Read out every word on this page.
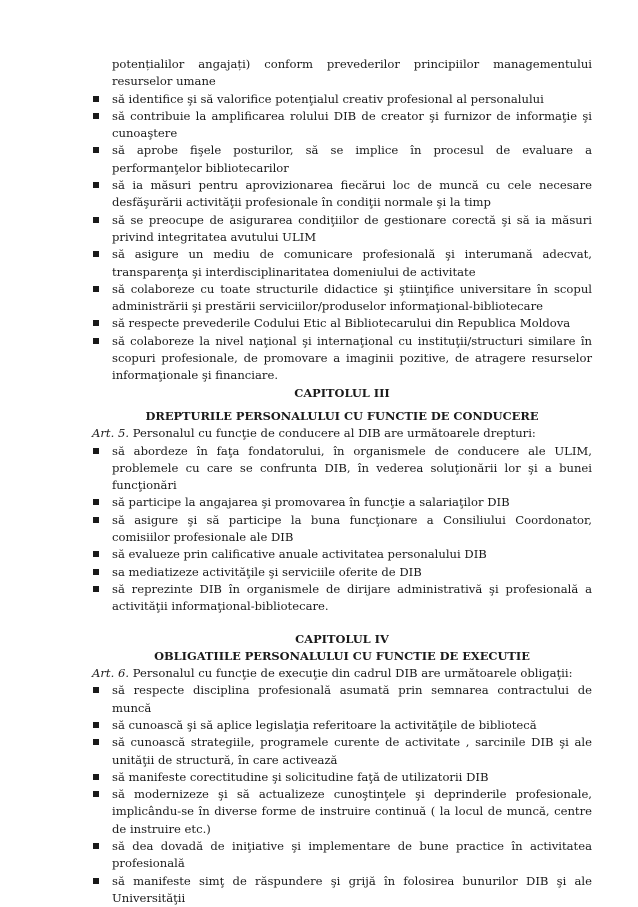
potențialilor angajați) conform prevederilor principiilor managementului resurselor umane

să identifice şi să valorifice potenţialul creativ profesional al personalului
să contribuie la amplificarea rolului DIB de creator şi furnizor de informaţie şi cunoaştere
să aprobe fişele posturilor, să se implice în procesul de evaluare a performanţelor bibliotecarilor
să ia măsuri pentru aprovizionarea fiecărui loc de muncă cu cele necesare desfăşurării activităţii profesionale în condiţii normale şi la timp
să se preocupe de asigurarea condiţiilor de gestionare corectă şi să ia măsuri privind integritatea avutului ULIM
să asigure un mediu de comunicare profesională şi interumană adecvat, transparenţa şi interdisciplinaritatea domeniului de activitate
să colaboreze cu toate structurile didactice şi ştiinţifice universitare în scopul administrării şi prestării serviciilor/produselor informaţional-bibliotecare
să respecte prevederile Codului Etic al Bibliotecarului din Republica Moldova
să colaboreze la nivel naţional şi internaţional cu instituţii/structuri similare în scopuri profesionale, de promovare a imaginii pozitive, de atragere resurselor informaţionale şi financiare.

CAPITOLUL III

DREPTURILE PERSONALULUI CU FUNCTIE DE CONDUCERE

Art. 5. Personalul cu funcţie de conducere al DIB are următoarele drepturi:

să abordeze în faţa fondatorului, în organismele de conducere ale ULIM, problemele cu care se confrunta DIB, în vederea soluţionării lor şi a bunei funcţionări
să participe la angajarea şi promovarea în funcţie a salariaţilor DIB
să asigure şi să participe la buna funcţionare a Consiliului Coordonator, comisiilor profesionale ale DIB
să evalueze prin calificative anuale activitatea personalului DIB
sa mediatizeze activităţile şi serviciile oferite de DIB
să reprezinte DIB în organismele de dirijare administrativă şi profesională a activităţii informaţional-bibliotecare.

CAPITOLUL IV

OBLIGATIILE PERSONALULUI CU FUNCTIE DE EXECUTIE

Art. 6. Personalul cu funcţie de execuţie din cadrul DIB are următoarele obligaţii:

să respecte disciplina profesională asumată prin semnarea contractului de muncă
să cunoască şi să aplice legislaţia referitoare la activităţile de bibliotecă
să cunoască strategiile, programele curente de activitate , sarcinile DIB şi ale unităţii de structură, în care activează
să manifeste corectitudine şi solicitudine faţă de utilizatorii DIB
să modernizeze şi să actualizeze cunoştinţele şi deprinderile profesionale, implicându-se în diverse forme de instruire continuă ( la locul de muncă, centre de instruire etc.)
să dea dovadă de iniţiative şi implementare de bune practice în activitatea profesională
să manifeste simţ de răspundere şi grijă în folosirea bunurilor DIB şi ale Universităţii
